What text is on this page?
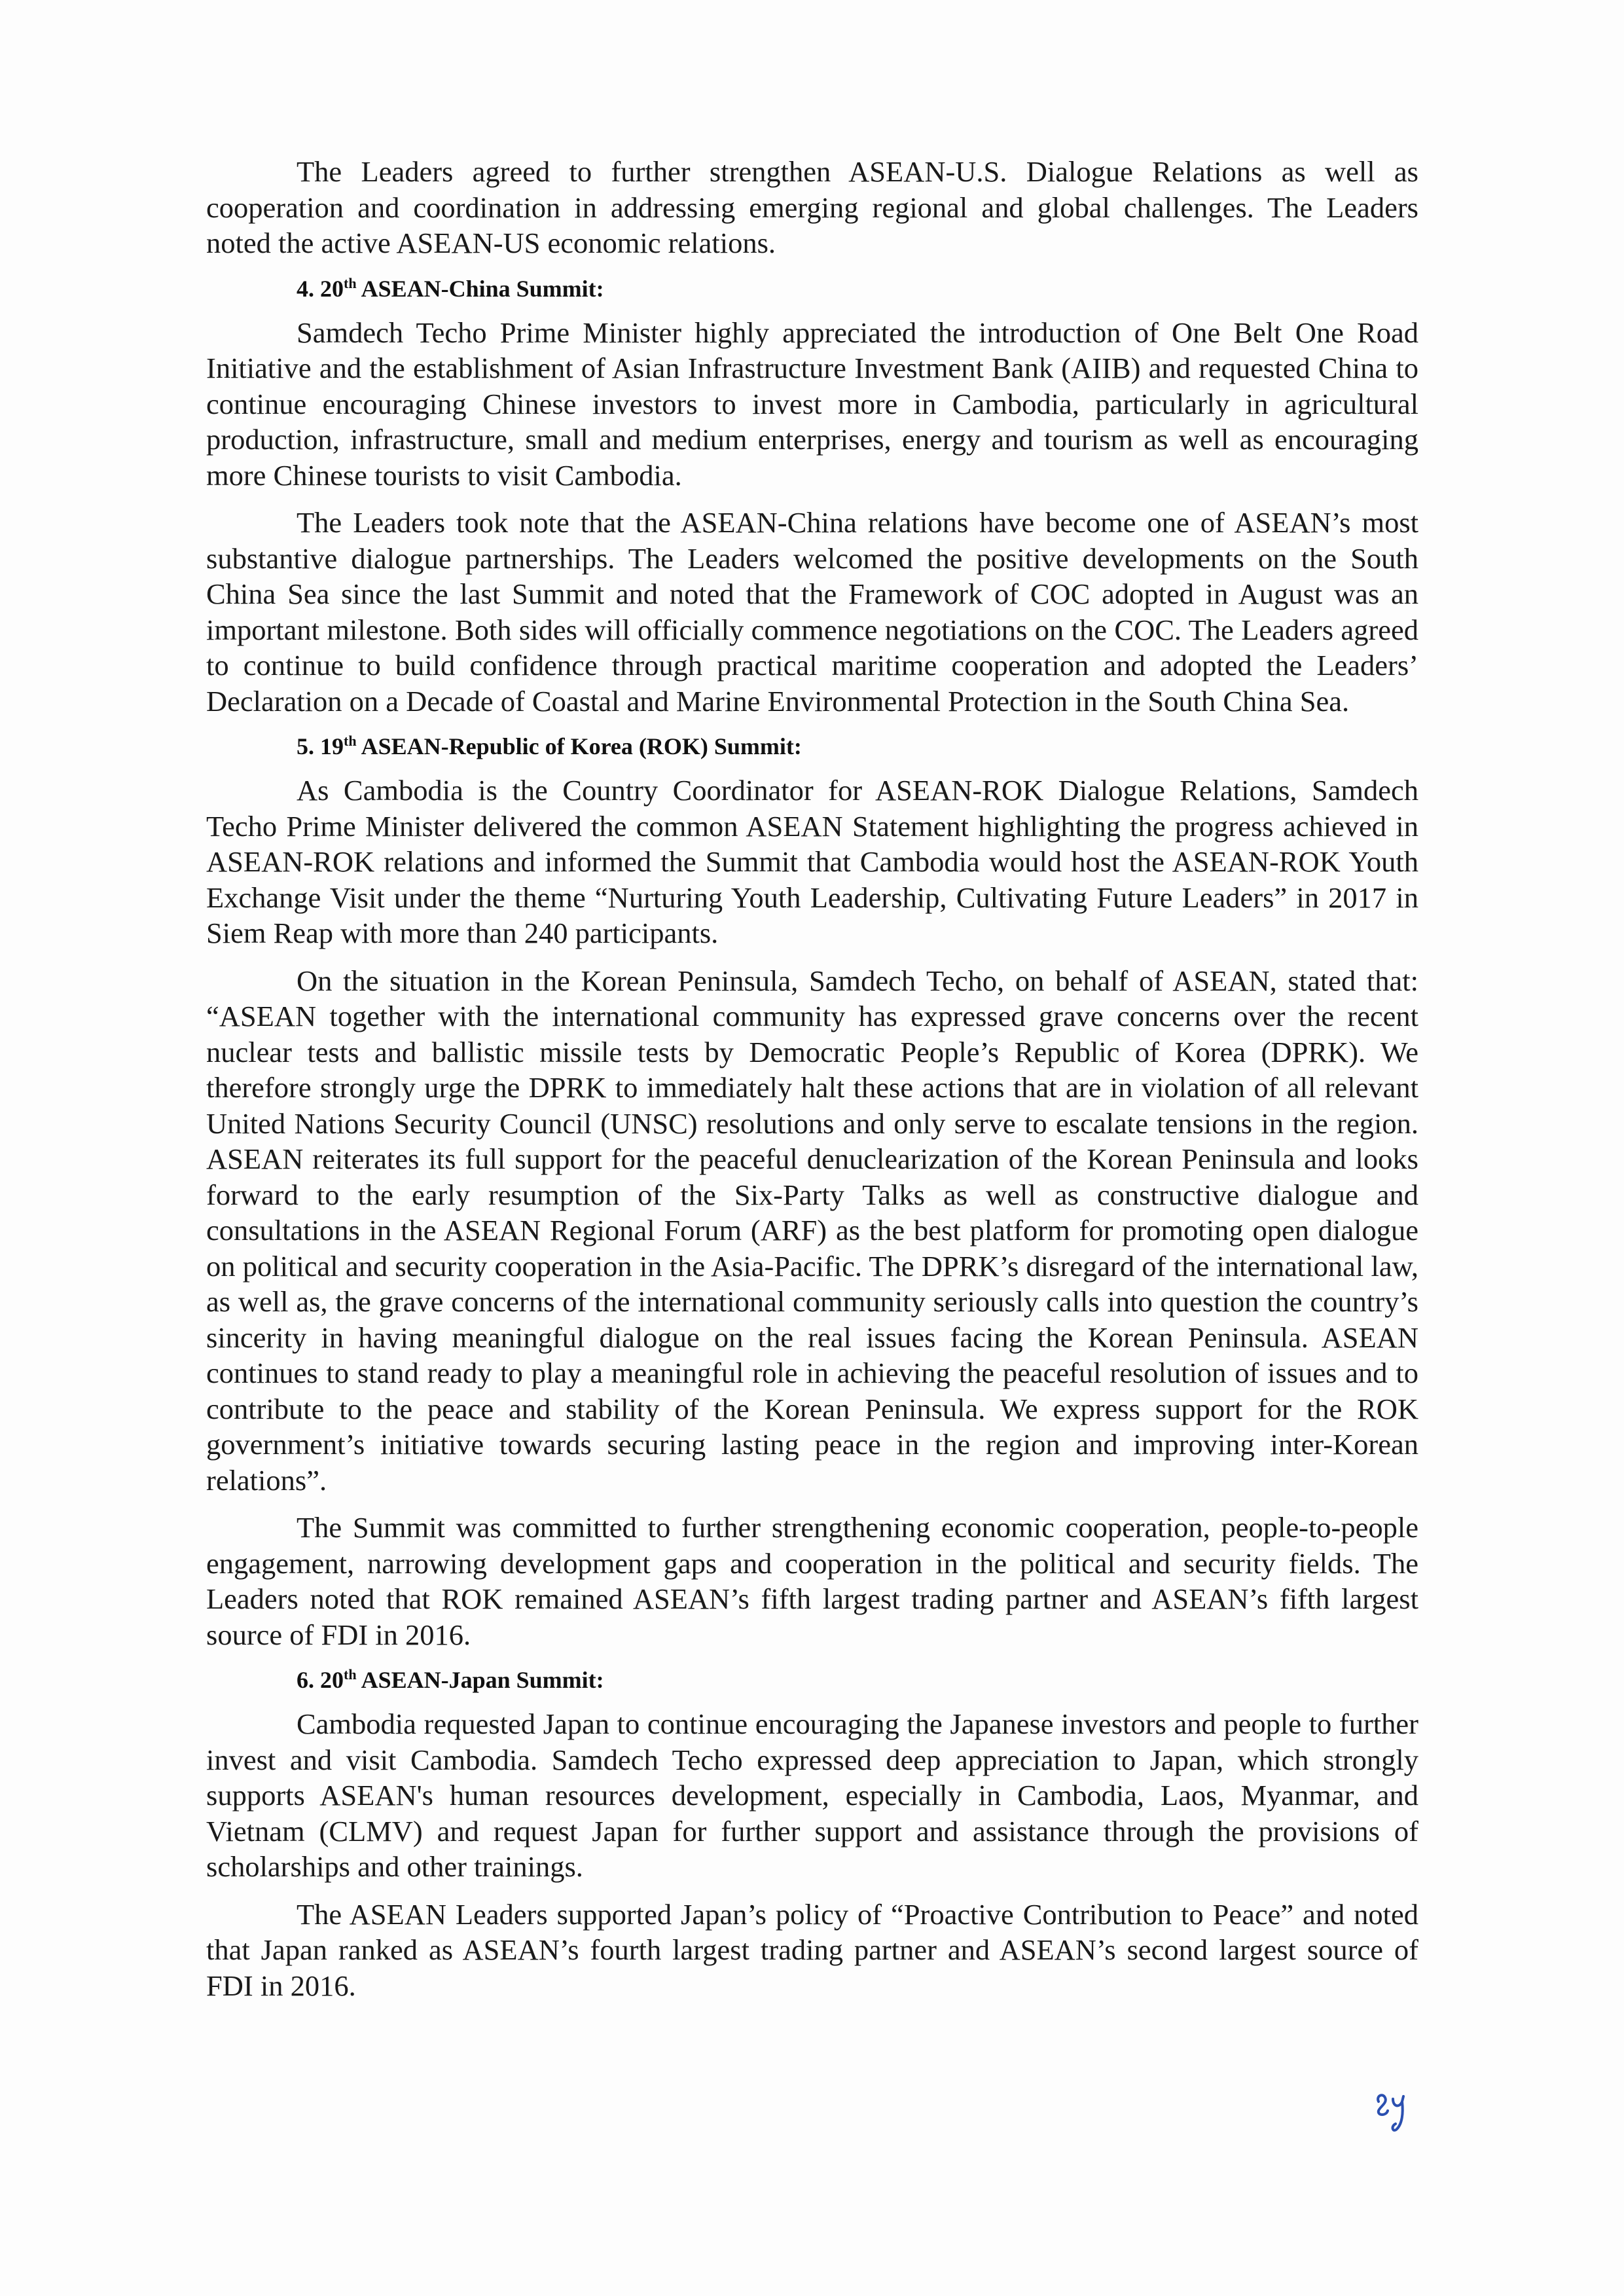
The Leaders agreed to further strengthen ASEAN-U.S. Dialogue Relations as well as cooperation and coordination in addressing emerging regional and global challenges. The Leaders noted the active ASEAN-US economic relations.

4. 20th ASEAN-China Summit:

Samdech Techo Prime Minister highly appreciated the introduction of One Belt One Road Initiative and the establishment of Asian Infrastructure Investment Bank (AIIB) and requested China to continue encouraging Chinese investors to invest more in Cambodia, particularly in agricultural production, infrastructure, small and medium enterprises, energy and tourism as well as encouraging more Chinese tourists to visit Cambodia.

The Leaders took note that the ASEAN-China relations have become one of ASEAN’s most substantive dialogue partnerships. The Leaders welcomed the positive developments on the South China Sea since the last Summit and noted that the Framework of COC adopted in August was an important milestone. Both sides will officially commence negotiations on the COC. The Leaders agreed to continue to build confidence through practical maritime cooperation and adopted the Leaders’ Declaration on a Decade of Coastal and Marine Environmental Protection in the South China Sea.

5. 19th ASEAN-Republic of Korea (ROK) Summit:

As Cambodia is the Country Coordinator for ASEAN-ROK Dialogue Relations, Samdech Techo Prime Minister delivered the common ASEAN Statement highlighting the progress achieved in ASEAN-ROK relations and informed the Summit that Cambodia would host the ASEAN-ROK Youth Exchange Visit under the theme “Nurturing Youth Leadership, Cultivating Future Leaders” in 2017 in Siem Reap with more than 240 participants.

On the situation in the Korean Peninsula, Samdech Techo, on behalf of ASEAN, stated that: “ASEAN together with the international community has expressed grave concerns over the recent nuclear tests and ballistic missile tests by Democratic People’s Republic of Korea (DPRK). We therefore strongly urge the DPRK to immediately halt these actions that are in violation of all relevant United Nations Security Council (UNSC) resolutions and only serve to escalate tensions in the region. ASEAN reiterates its full support for the peaceful denuclearization of the Korean Peninsula and looks forward to the early resumption of the Six-Party Talks as well as constructive dialogue and consultations in the ASEAN Regional Forum (ARF) as the best platform for promoting open dialogue on political and security cooperation in the Asia-Pacific. The DPRK’s disregard of the international law, as well as, the grave concerns of the international community seriously calls into question the country’s sincerity in having meaningful dialogue on the real issues facing the Korean Peninsula. ASEAN continues to stand ready to play a meaningful role in achieving the peaceful resolution of issues and to contribute to the peace and stability of the Korean Peninsula. We express support for the ROK government’s initiative towards securing lasting peace in the region and improving inter-Korean relations”.

The Summit was committed to further strengthening economic cooperation, people-to-people engagement, narrowing development gaps and cooperation in the political and security fields. The Leaders noted that ROK remained ASEAN’s fifth largest trading partner and ASEAN’s fifth largest source of FDI in 2016.

6. 20th ASEAN-Japan Summit:

Cambodia requested Japan to continue encouraging the Japanese investors and people to further invest and visit Cambodia. Samdech Techo expressed deep appreciation to Japan, which strongly supports ASEAN's human resources development, especially in Cambodia, Laos, Myanmar, and Vietnam (CLMV) and request Japan for further support and assistance through the provisions of scholarships and other trainings.

The ASEAN Leaders supported Japan’s policy of “Proactive Contribution to Peace” and noted that Japan ranked as ASEAN’s fourth largest trading partner and ASEAN’s second largest source of FDI in 2016.
